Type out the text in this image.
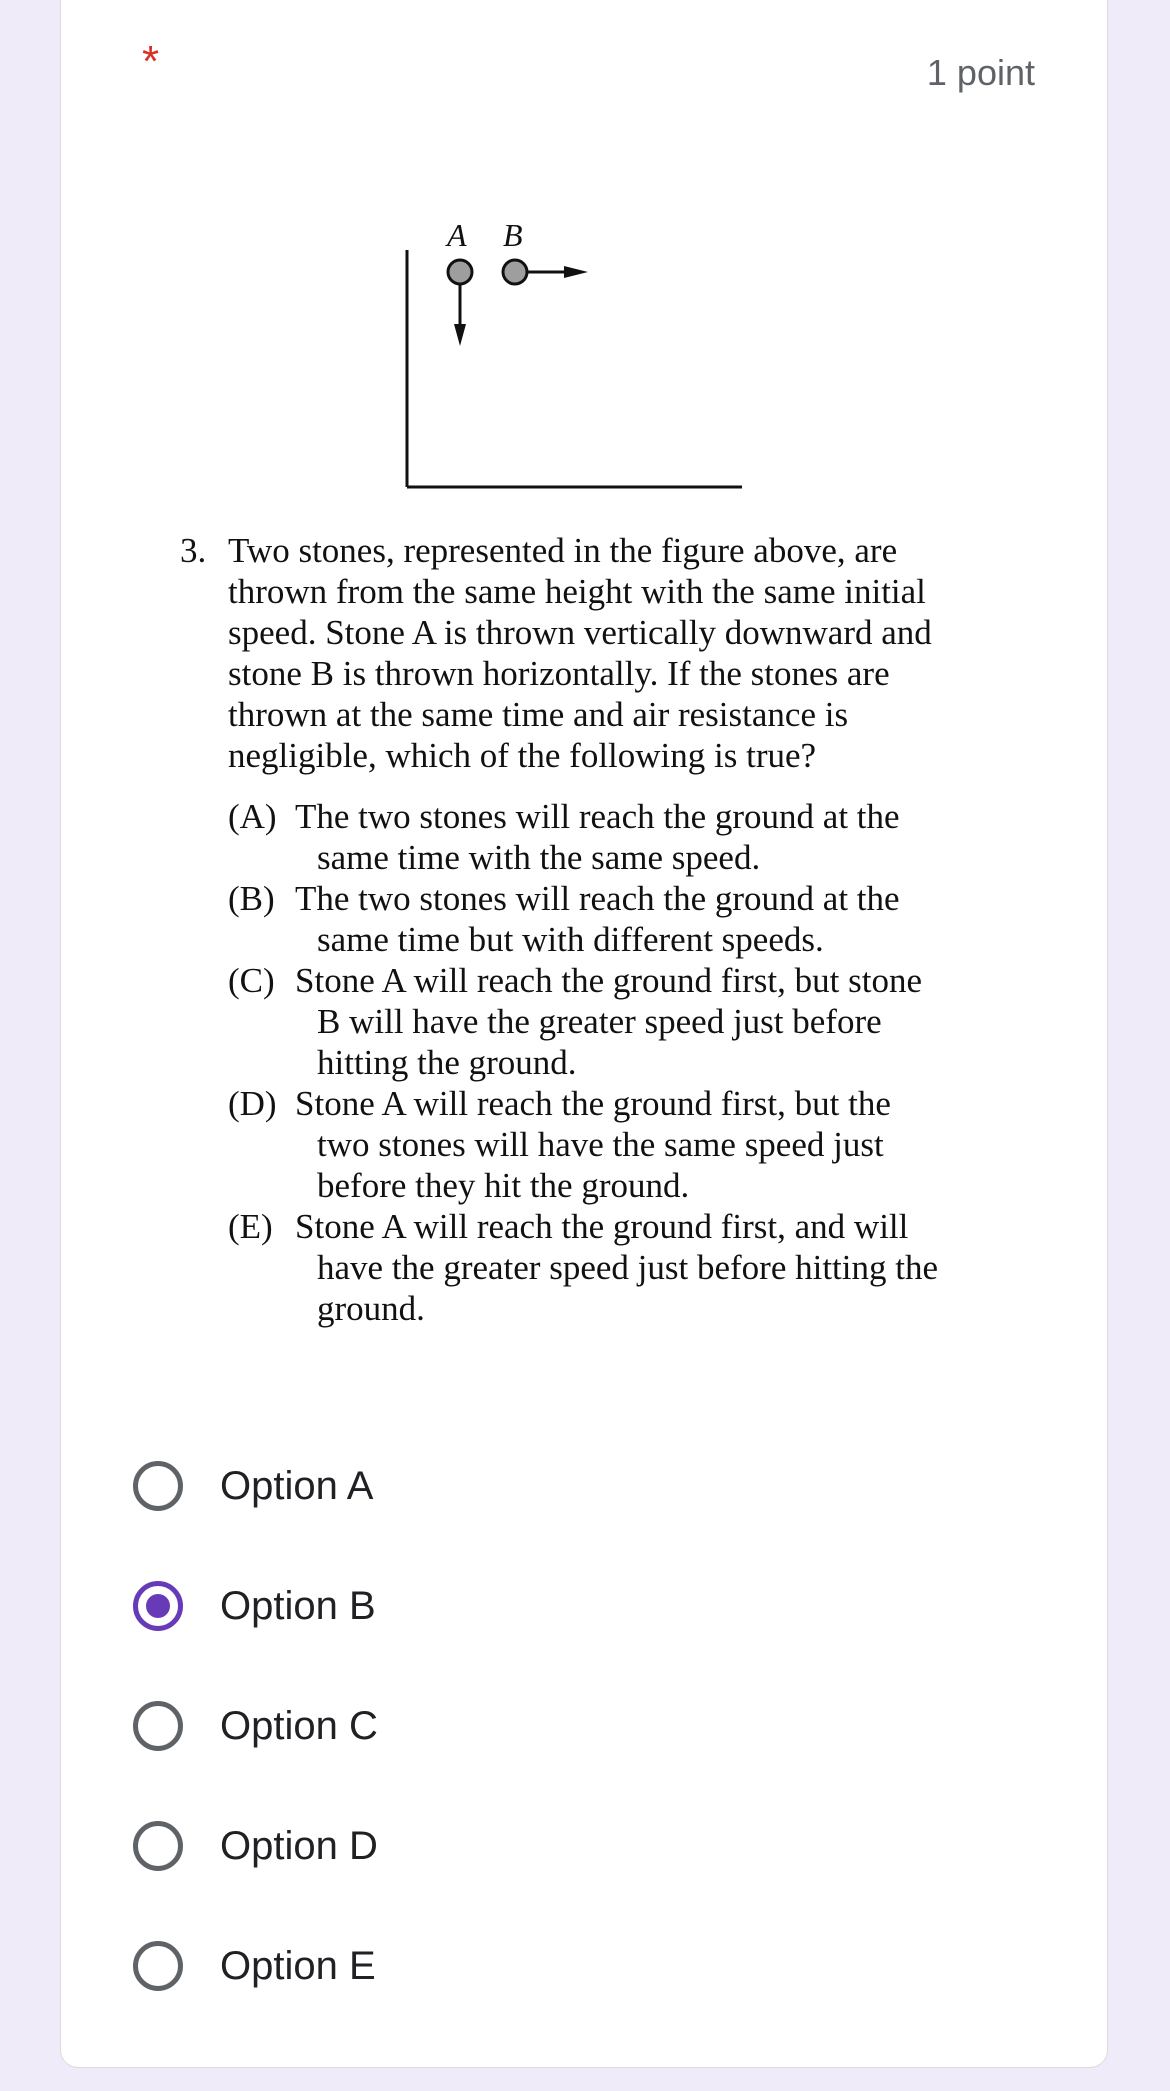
*	1 point
A B
3. Two stones, represented in the figure above, are
thrown from the same height with the same initial
speed. Stone A is thrown vertically downward and
stone B is thrown horizontally. If the stones are
thrown at the same time and air resistance is
negligible, which of the following is true?
(A) The two stones will reach the ground at the
same time with the same speed.
(B) The two stones will reach the ground at the
same time but with different speeds.
(C) Stone A will reach the ground first, but stone
B will have the greater speed just before
hitting the ground.
(D) Stone A will reach the ground first, but the
two stones will have the same speed just
before they hit the ground.
(E) Stone A will reach the ground first, and will
have the greater speed just before hitting the
ground.
Option A
Option B
Option C
Option D
Option E
